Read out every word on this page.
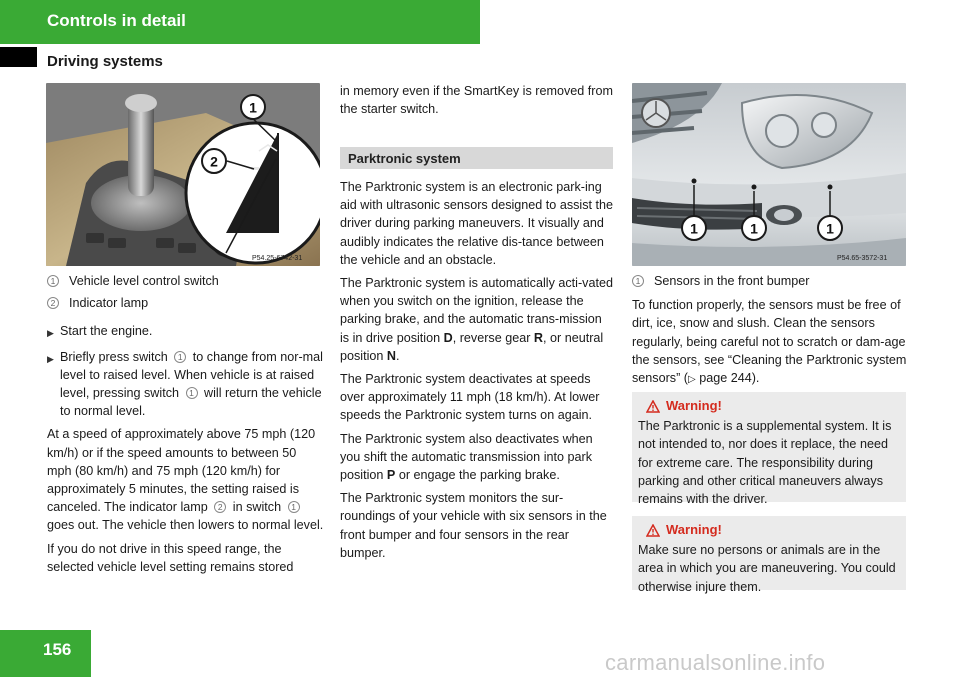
Controls in detail
Driving systems
1
2
P54.25-6742-31
1	1	1
P54.65-3572-31
1 Vehicle level control switch
2 Indicator lamp
▶ Start the engine.
▶ Briefly press switch 1 to change from nor-mal level to raised level. When vehicle is at raised level, pressing switch 1 will return the vehicle to normal level.

At a speed of approximately above 75 mph (120 km/h) or if the speed amounts to between 50 mph (80 km/h) and 75 mph (120 km/h) for approximately 5 minutes, the setting raised is canceled. The indicator lamp 2 in switch 1 goes out. The vehicle then lowers to normal level.

If you do not drive in this speed range, the selected vehicle level setting remains stored

in memory even if the SmartKey is removed from the starter switch.

Parktronic system

The Parktronic system is an electronic park-ing aid with ultrasonic sensors designed to assist the driver during parking maneuvers. It visually and audibly indicates the relative dis-tance between the vehicle and an obstacle.

The Parktronic system is automatically acti-vated when you switch on the ignition, release the parking brake, and the automatic trans-mission is in drive position D, reverse gear R, or neutral position N.

The Parktronic system deactivates at speeds over approximately 11 mph (18 km/h). At lower speeds the Parktronic system turns on again.

The Parktronic system also deactivates when you shift the automatic transmission into park position P or engage the parking brake.

The Parktronic system monitors the sur-roundings of your vehicle with six sensors in the front bumper and four sensors in the rear bumper.

1 Sensors in the front bumper

To function properly, the sensors must be free of dirt, ice, snow and slush. Clean the sensors regularly, being careful not to scratch or dam-age the sensors, see “Cleaning the Parktronic system sensors” (▷ page 244).

Warning!
The Parktronic is a supplemental system. It is not intended to, nor does it replace, the need for extreme care. The responsibility during parking and other critical maneuvers always remains with the driver.
Warning!
Make sure no persons or animals are in the area in which you are maneuvering. You could otherwise injure them.
156
carmanualsonline.info
